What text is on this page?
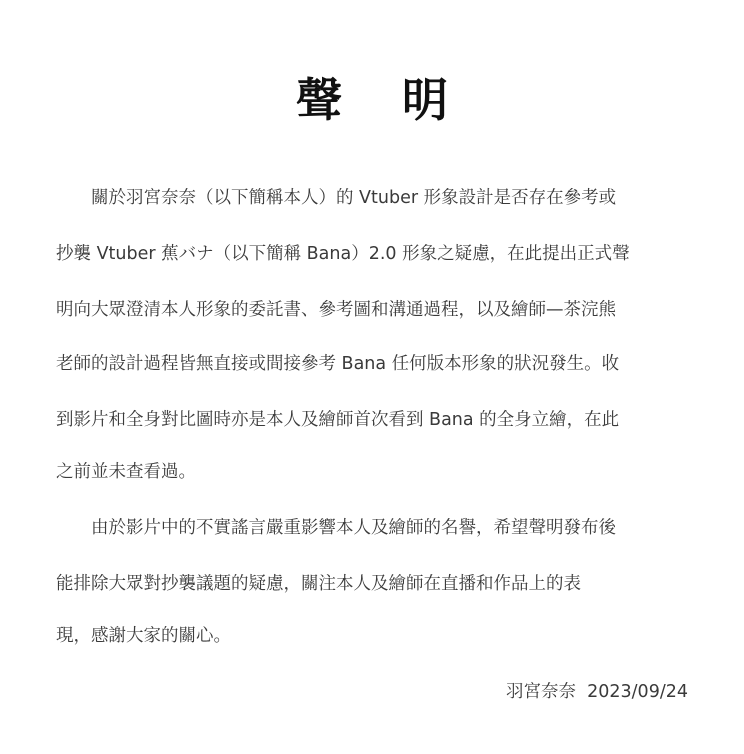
聲 明
　　關於羽宮奈奈（以下簡稱本人）的 Vtuber 形象設計是否存在參考或
抄襲 Vtuber 蕉バナ（以下簡稱 Bana）2.0 形象之疑慮，在此提出正式聲
明向大眾澄清本人形象的委託書、參考圖和溝通過程，以及繪師—茶浣熊
老師的設計過程皆無直接或間接參考 Bana 任何版本形象的狀況發生。收
到影片和全身對比圖時亦是本人及繪師首次看到 Bana 的全身立繪，在此
之前並未查看過。
　　由於影片中的不實謠言嚴重影響本人及繪師的名譽，希望聲明發布後
能排除大眾對抄襲議題的疑慮，關注本人及繪師在直播和作品上的表
現，感謝大家的關心。
羽宮奈奈 2023/09/24
